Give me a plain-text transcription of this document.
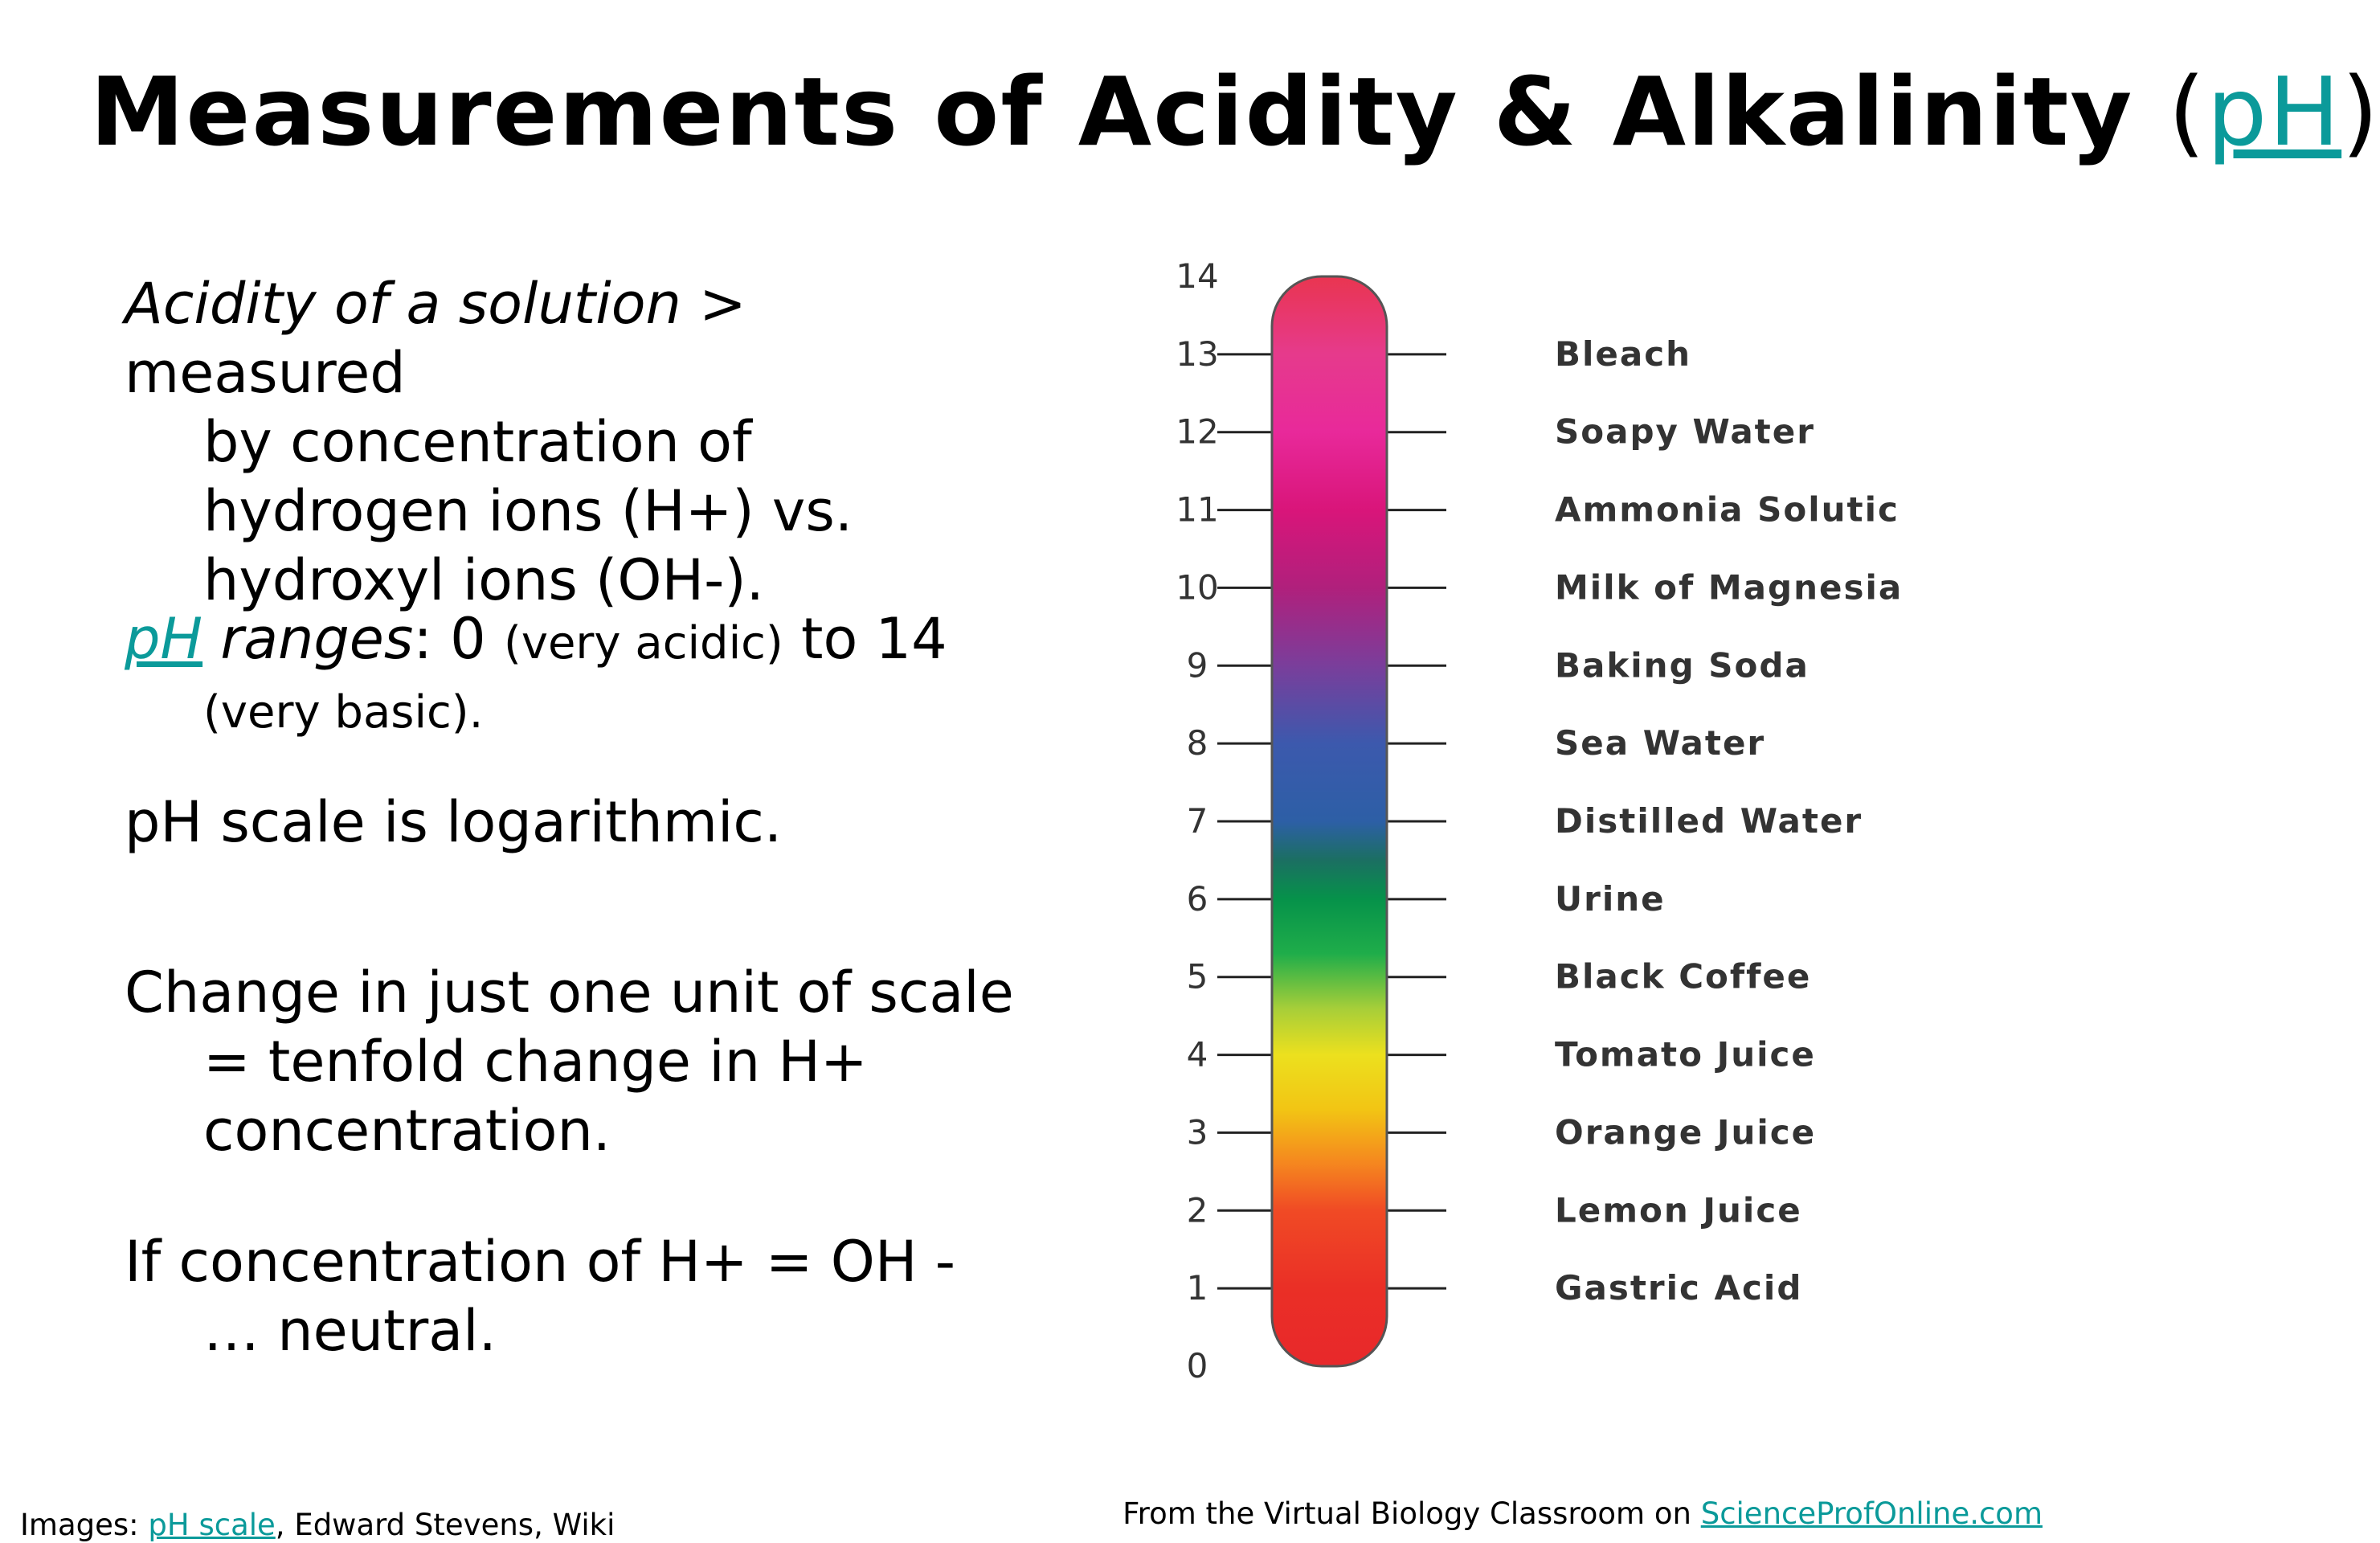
Measurements of Acidity & Alkalinity (pH)
Acidity of a solution > measured
by concentration of hydrogen ions (H+) vs. hydroxyl ions (OH-).
pH ranges: 0 (very acidic) to 14
(very basic).
pH scale is logarithmic.
Change in just one unit of scale
= tenfold change in H+ concentration.
If concentration of H+ = OH -
… neutral.
0
1
2
3
4
5
6
7
8
9
10
11
12
13
14
Bleach
Soapy Water
Ammonia Solutic
Milk of Magnesia
Baking Soda
Sea Water
Distilled Water
Urine
Black Coffee
Tomato Juice
Orange Juice
Lemon Juice
Gastric Acid
Images: pH scale, Edward Stevens, Wiki	From the Virtual Biology Classroom on ScienceProfOnline.com
